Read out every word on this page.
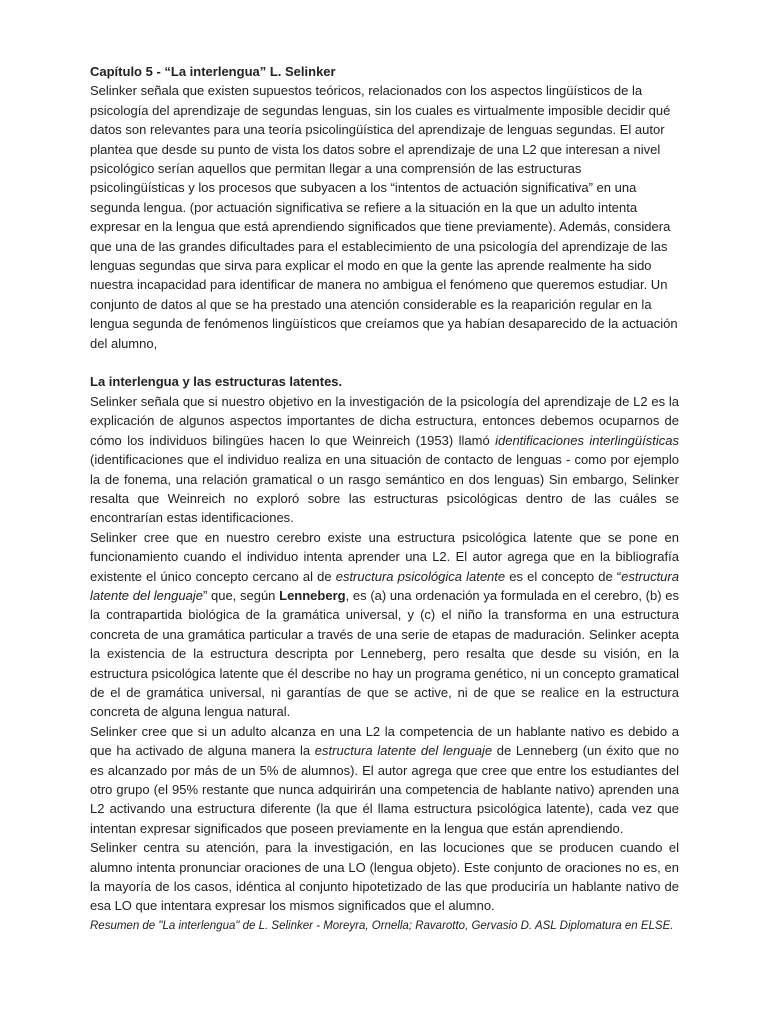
Capítulo 5 - “La interlengua” L. Selinker

Selinker señala que existen supuestos teóricos, relacionados con los aspectos lingüísticos de la psicología del aprendizaje de segundas lenguas, sin los cuales es virtualmente imposible decidir qué datos son relevantes para una teoría psicolingüística del aprendizaje de lenguas segundas. El autor plantea que desde su punto de vista los datos sobre el aprendizaje de una L2 que interesan a nivel psicológico serían aquellos que permitan llegar a una comprensión de las estructuras psicolingüísticas y los procesos que subyacen a los “intentos de actuación significativa” en una segunda lengua. (por actuación significativa se refiere a la situación en la que un adulto intenta expresar en la lengua que está aprendiendo significados que tiene previamente). Además, considera que una de las grandes dificultades para el establecimiento de una psicología del aprendizaje de las lenguas segundas que sirva para explicar el modo en que la gente las aprende realmente ha sido nuestra incapacidad para identificar de manera no ambigua el fenómeno que queremos estudiar. Un conjunto de datos al que se ha prestado una atención considerable es la reaparición regular en la lengua segunda de fenómenos lingüísticos que creíamos que ya habían desaparecido de la actuación del alumno,

La interlengua y las estructuras latentes.

Selinker señala que si nuestro objetivo en la investigación de la psicología del aprendizaje de L2 es la explicación de algunos aspectos importantes de dicha estructura, entonces debemos ocuparnos de cómo los individuos bilingües hacen lo que Weinreich (1953) llamó identificaciones interlingüísticas (identificaciones que el individuo realiza en una situación de contacto de lenguas - como por ejemplo la de fonema, una relación gramatical o un rasgo semántico en dos lenguas) Sin embargo, Selinker resalta que Weinreich no exploró sobre las estructuras psicológicas dentro de las cuáles se encontrarían estas identificaciones.

Selinker cree que en nuestro cerebro existe una estructura psicológica latente que se pone en funcionamiento cuando el individuo intenta aprender una L2. El autor agrega que en la bibliografía existente el único concepto cercano al de estructura psicológica latente es el concepto de “estructura latente del lenguaje” que, según Lenneberg, es (a) una ordenación ya formulada en el cerebro, (b) es la contrapartida biológica de la gramática universal, y (c) el niño la transforma en una estructura concreta de una gramática particular a través de una serie de etapas de maduración. Selinker acepta la existencia de la estructura descripta por Lenneberg, pero resalta que desde su visión, en la estructura psicológica latente que él describe no hay un programa genético, ni un concepto gramatical de el de gramática universal, ni garantías de que se active, ni de que se realice en la estructura concreta de alguna lengua natural.

Selinker cree que si un adulto alcanza en una L2 la competencia de un hablante nativo es debido a que ha activado de alguna manera la estructura latente del lenguaje de Lenneberg (un éxito que no es alcanzado por más de un 5% de alumnos). El autor agrega que cree que entre los estudiantes del otro grupo (el 95% restante que nunca adquirirán una competencia de hablante nativo) aprenden una L2 activando una estructura diferente (la que él llama estructura psicológica latente), cada vez que intentan expresar significados que poseen previamente en la lengua que están aprendiendo.

Selinker centra su atención, para la investigación, en las locuciones que se producen cuando el alumno intenta pronunciar oraciones de una LO (lengua objeto). Este conjunto de oraciones no es, en la mayoría de los casos, idéntica al conjunto hipotetizado de las que produciría un hablante nativo de esa LO que intentara expresar los mismos significados que el alumno.

Resumen de "La interlengua" de L. Selinker - Moreyra, Ornella; Ravarotto, Gervasio D. ASL Diplomatura en ELSE.
